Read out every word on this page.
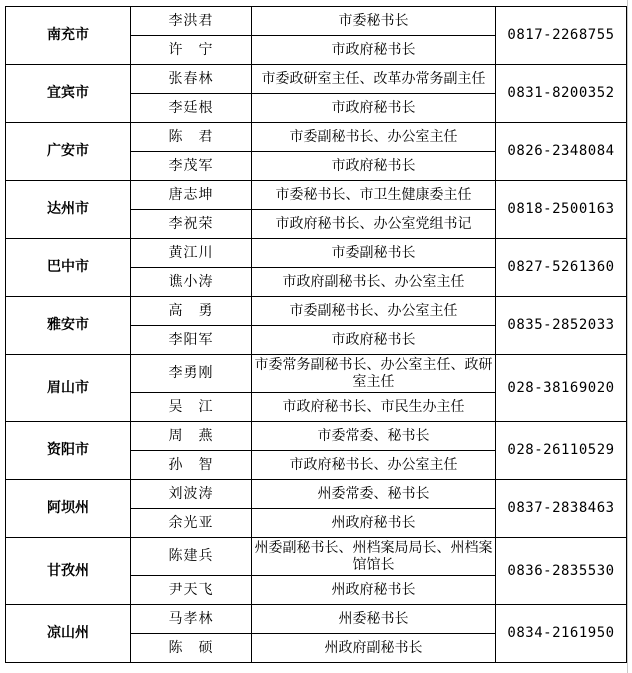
南充市	李洪君	市委秘书长	0817-2268755
	许　宁	市政府秘书长	
宜宾市	张春林	市委政研室主任、改革办常务副主任	0831-8200352
	李廷根	市政府秘书长	
广安市	陈　君	市委副秘书长、办公室主任	0826-2348084
	李茂军	市政府秘书长	
达州市	唐志坤	市委秘书长、市卫生健康委主任	0818-2500163
	李祝荣	市政府秘书长、办公室党组书记	
巴中市	黄江川	市委副秘书长	0827-5261360
	谯小涛	市政府副秘书长、办公室主任	
雅安市	高　勇	市委副秘书长、办公室主任	0835-2852033
	李阳军	市政府秘书长	
眉山市	李勇刚	市委常务副秘书长、办公室主任、政研室主任	028-38169020
	吴　江	市政府秘书长、市民生办主任	
资阳市	周　燕	市委常委、秘书长	028-26110529
	孙　智	市政府秘书长、办公室主任	
阿坝州	刘波涛	州委常委、秘书长	0837-2838463
	余光亚	州政府秘书长	
甘孜州	陈建兵	州委副秘书长、州档案局局长、州档案馆馆长	0836-2835530
	尹天飞	州政府秘书长	
凉山州	马孝林	州委秘书长	0834-2161950
	陈　硕	州政府副秘书长	
